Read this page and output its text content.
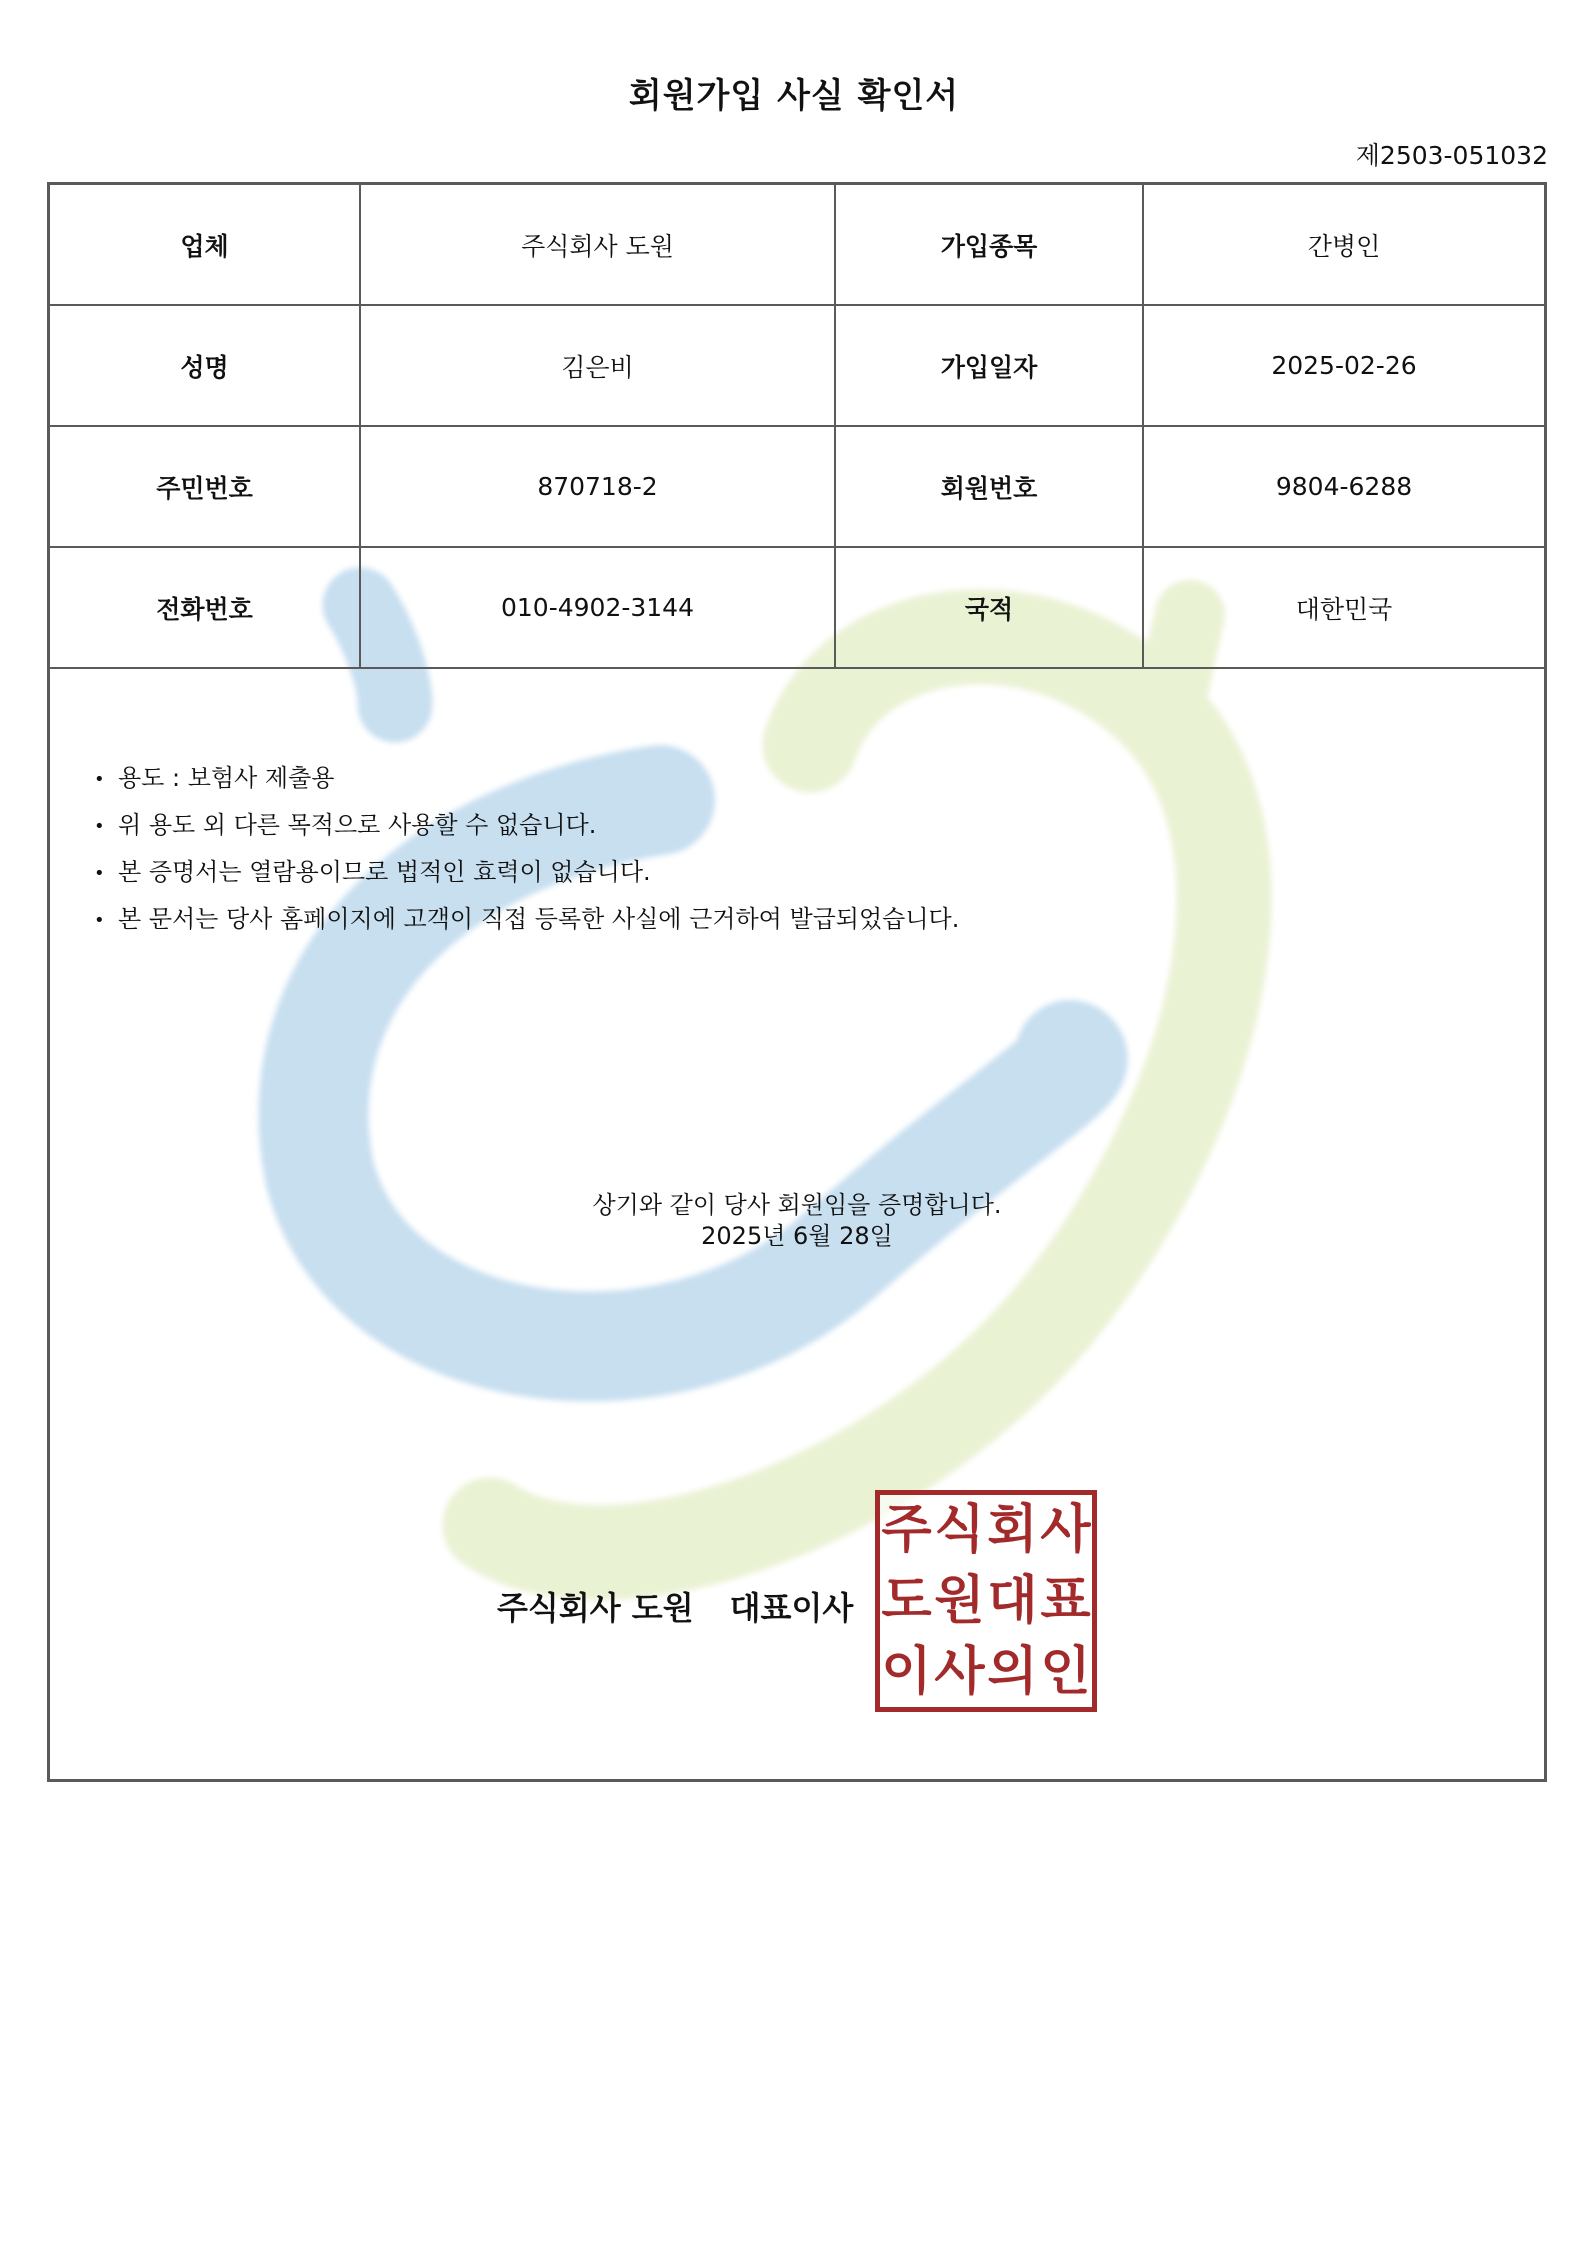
회원가입 사실 확인서
제2503-051032
업체	주식회사 도원	가입종목	간병인
성명	김은비	가입일자	2025-02-26
주민번호	870718-2	회원번호	9804-6288
전화번호	010-4902-3144	국적	대한민국
• 용도 : 보험사 제출용
• 위 용도 외 다른 목적으로 사용할 수 없습니다.
• 본 증명서는 열람용이므로 법적인 효력이 없습니다.
• 본 문서는 당사 홈페이지에 고객이 직접 등록한 사실에 근거하여 발급되었습니다.
상기와 같이 당사 회원임을 증명합니다.
2025년 6월 28일
주식회사 도원 대표이사
주 식 회 사
도 원 대 표
이 사 의 인
